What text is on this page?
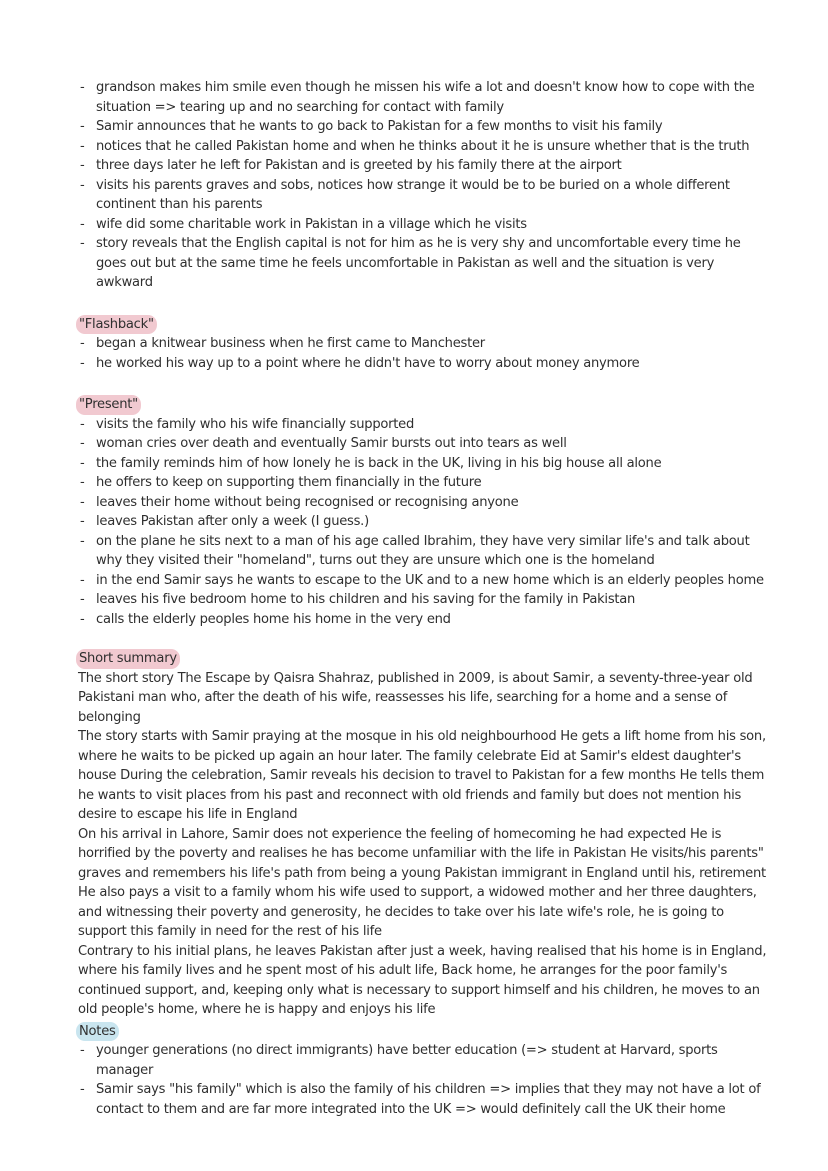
- grandson makes him smile even though he missen his wife a lot and doesn't know how to cope with the situation => tearing up and no searching for contact with family
- Samir announces that he wants to go back to Pakistan for a few months to visit his family
- notices that he called Pakistan home and when he thinks about it he is unsure whether that is the truth
- three days later he left for Pakistan and is greeted by his family there at the airport
- visits his parents graves and sobs, notices how strange it would be to be buried on a whole different continent than his parents
- wife did some charitable work in Pakistan in a village which he visits
- story reveals that the English capital is not for him as he is very shy and uncomfortable every time he goes out but at the same time he feels uncomfortable in Pakistan as well and the situation is very awkward
"Flashback"
- began a knitwear business when he first came to Manchester
- he worked his way up to a point where he didn't have to worry about money anymore
"Present"
- visits the family who his wife financially supported
- woman cries over death and eventually Samir bursts out into tears as well
- the family reminds him of how lonely he is back in the UK, living in his big house all alone
- he offers to keep on supporting them financially in the future
- leaves their home without being recognised or recognising anyone
- leaves Pakistan after only a week (I guess.)
- on the plane he sits next to a man of his age called Ibrahim, they have very similar life's and talk about why they visited their "homeland", turns out they are unsure which one is the homeland
- in the end Samir says he wants to escape to the UK and to a new home which is an elderly peoples home
- leaves his five bedroom home to his children and his saving for the family in Pakistan
- calls the elderly peoples home his home in the very end
Short summary

The short story The Escape by Qaisra Shahraz, published in 2009, is about Samir, a seventy-three-year old Pakistani man who, after the death of his wife, reassesses his life, searching for a home and a sense of belonging

The story starts with Samir praying at the mosque in his old neighbourhood He gets a lift home from his son, where he waits to be picked up again an hour later. The family celebrate Eid at Samir's eldest daughter's house During the celebration, Samir reveals his decision to travel to Pakistan for a few months He tells them he wants to visit places from his past and reconnect with old friends and family but does not mention his desire to escape his life in England

On his arrival in Lahore, Samir does not experience the feeling of homecoming he had expected He is horrified by the poverty and realises he has become unfamiliar with the life in Pakistan He visits/his parents" graves and remembers his life's path from being a young Pakistan immigrant in England until his, retirement He also pays a visit to a family whom his wife used to support, a widowed mother and her three daughters, and witnessing their poverty and generosity, he decides to take over his late wife's role, he is going to support this family in need for the rest of his life

Contrary to his initial plans, he leaves Pakistan after just a week, having realised that his home is in England, where his family lives and he spent most of his adult life, Back home, he arranges for the poor family's continued support, and, keeping only what is necessary to support himself and his children, he moves to an old people's home, where he is happy and enjoys his life

Notes
- younger generations (no direct immigrants) have better education (=> student at Harvard, sports manager
- Samir says "his family" which is also the family of his children => implies that they may not have a lot of contact to them and are far more integrated into the UK => would definitely call the UK their home
